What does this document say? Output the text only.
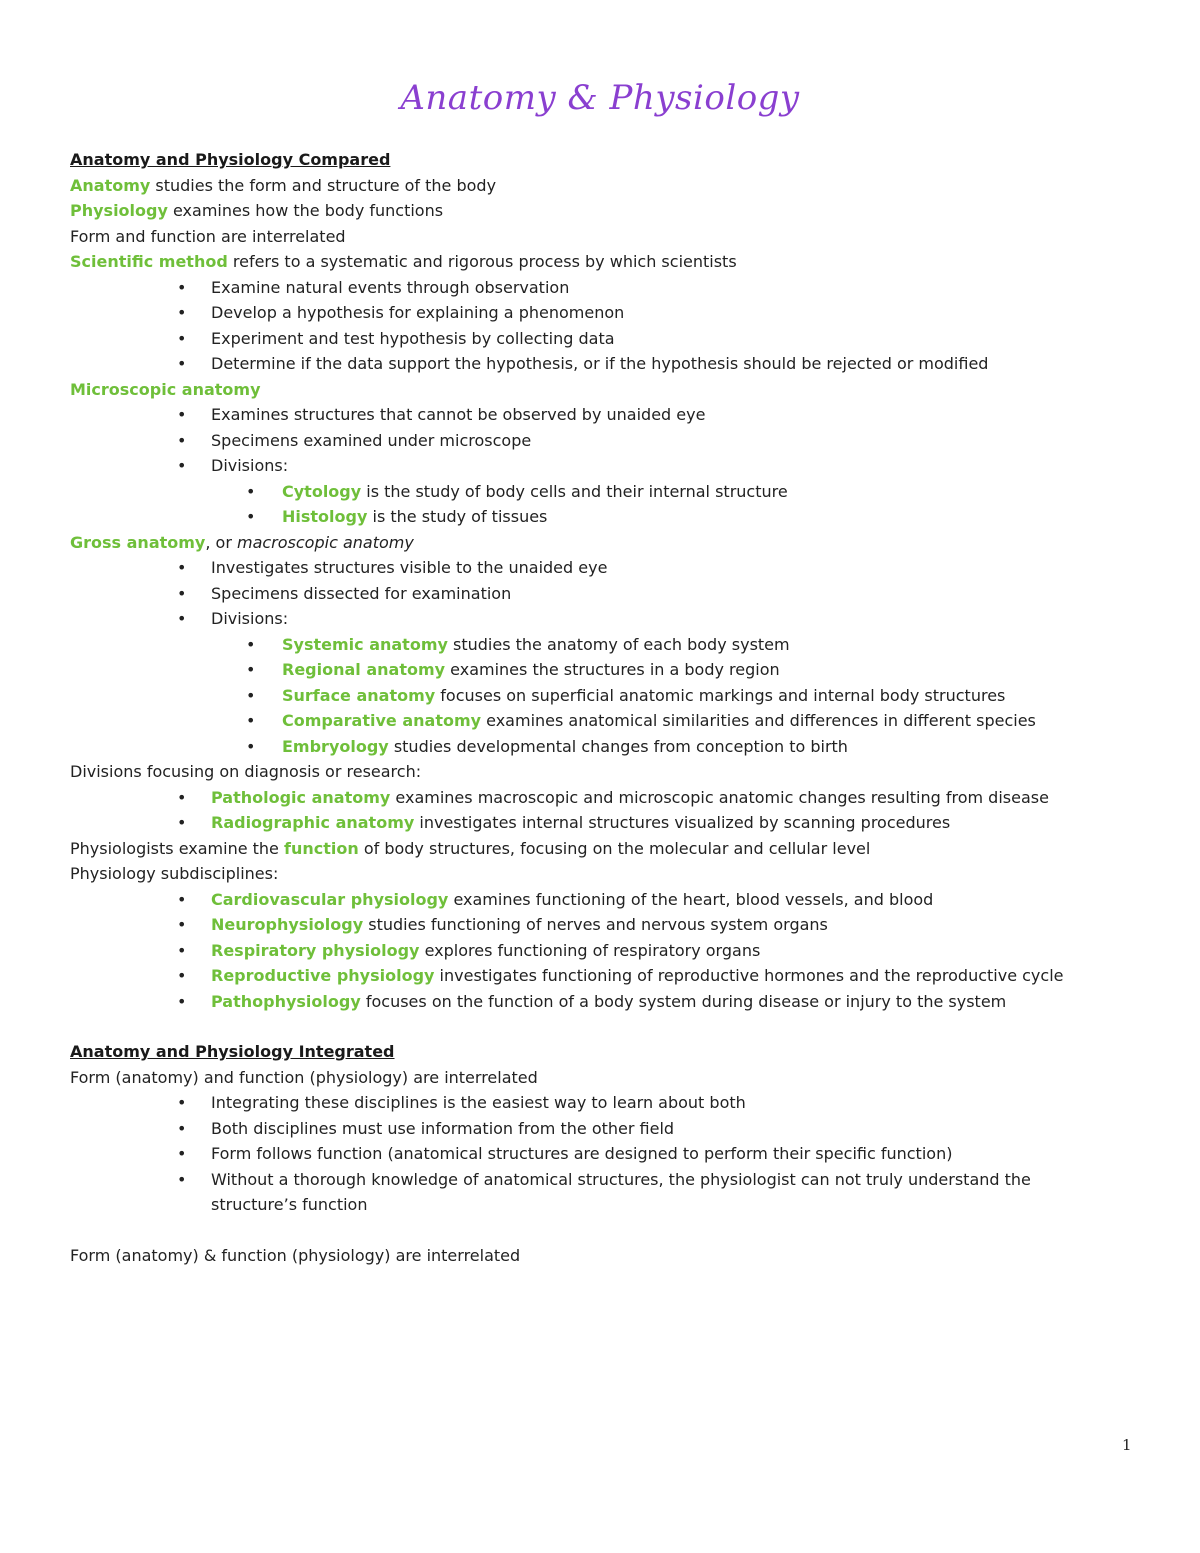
Anatomy & Physiology
Anatomy and Physiology Compared
Anatomy studies the form and structure of the body
Physiology examines how the body functions
Form and function are interrelated
Scientific method refers to a systematic and rigorous process by which scientists
• Examine natural events through observation
• Develop a hypothesis for explaining a phenomenon
• Experiment and test hypothesis by collecting data
• Determine if the data support the hypothesis, or if the hypothesis should be rejected or modified
Microscopic anatomy
• Examines structures that cannot be observed by unaided eye
• Specimens examined under microscope
• Divisions:
• Cytology is the study of body cells and their internal structure
• Histology is the study of tissues
Gross anatomy, or macroscopic anatomy
• Investigates structures visible to the unaided eye
• Specimens dissected for examination
• Divisions:
• Systemic anatomy studies the anatomy of each body system
• Regional anatomy examines the structures in a body region
• Surface anatomy focuses on superficial anatomic markings and internal body structures
• Comparative anatomy examines anatomical similarities and differences in different species
• Embryology studies developmental changes from conception to birth
Divisions focusing on diagnosis or research:
• Pathologic anatomy examines macroscopic and microscopic anatomic changes resulting from disease
• Radiographic anatomy investigates internal structures visualized by scanning procedures
Physiologists examine the function of body structures, focusing on the molecular and cellular level
Physiology subdisciplines:
• Cardiovascular physiology examines functioning of the heart, blood vessels, and blood
• Neurophysiology studies functioning of nerves and nervous system organs
• Respiratory physiology explores functioning of respiratory organs
• Reproductive physiology investigates functioning of reproductive hormones and the reproductive cycle
• Pathophysiology focuses on the function of a body system during disease or injury to the system
Anatomy and Physiology Integrated
Form (anatomy) and function (physiology) are interrelated
• Integrating these disciplines is the easiest way to learn about both
• Both disciplines must use information from the other field
• Form follows function (anatomical structures are designed to perform their specific function)
• Without a thorough knowledge of anatomical structures, the physiologist can not truly understand the structure’s function
Form (anatomy) & function (physiology) are interrelated
1
